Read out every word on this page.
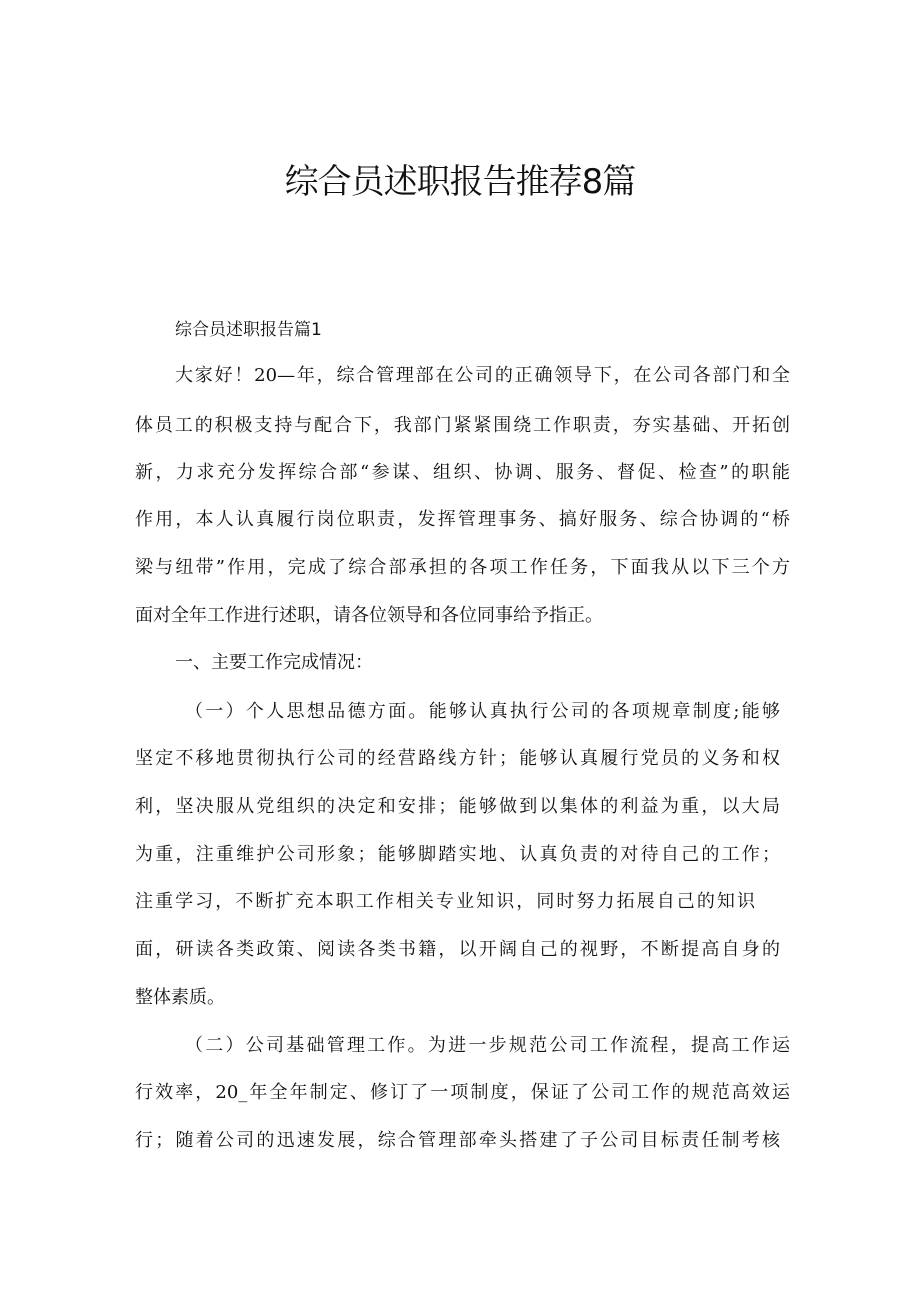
综合员述职报告推荐8篇
综合员述职报告篇1
大家好！20—年，综合管理部在公司的正确领导下，在公司各部门和全
体员工的积极支持与配合下，我部门紧紧围绕工作职责，夯实基础、开拓创
新，力求充分发挥综合部“参谋、组织、协调、服务、督促、检查”的职能
作用，本人认真履行岗位职责，发挥管理事务、搞好服务、综合协调的“桥
梁与纽带”作用，完成了综合部承担的各项工作任务，下面我从以下三个方
面对全年工作进行述职，请各位领导和各位同事给予指正。
一、主要工作完成情况：
（一）个人思想品德方面。能够认真执行公司的各项规章制度;能够
坚定不移地贯彻执行公司的经营路线方针；能够认真履行党员的义务和权
利，坚决服从党组织的决定和安排；能够做到以集体的利益为重，以大局
为重，注重维护公司形象；能够脚踏实地、认真负责的对待自己的工作；
注重学习，不断扩充本职工作相关专业知识，同时努力拓展自己的知识
面，研读各类政策、阅读各类书籍，以开阔自己的视野，不断提高自身的
整体素质。
（二）公司基础管理工作。为进一步规范公司工作流程，提高工作运
行效率，20_年全年制定、修订了一项制度，保证了公司工作的规范高效运
行；随着公司的迅速发展，综合管理部牵头搭建了子公司目标责任制考核
